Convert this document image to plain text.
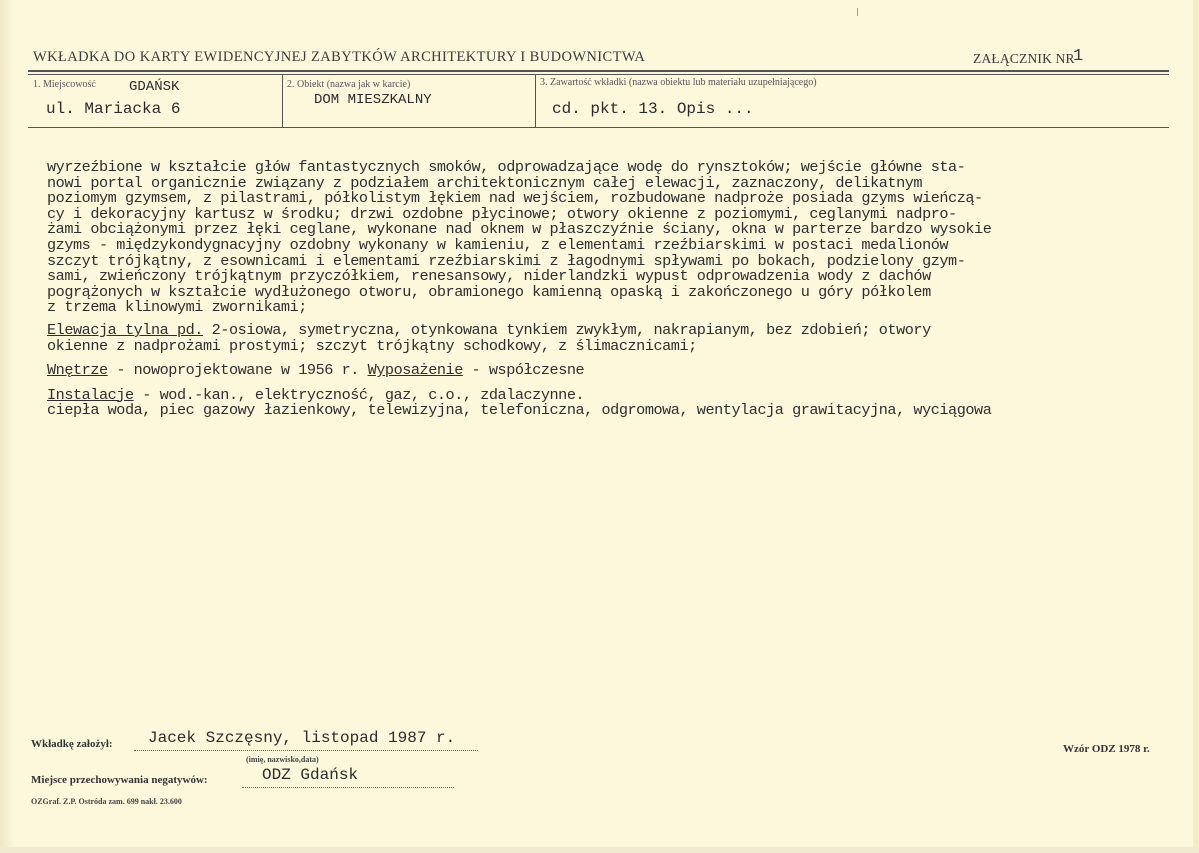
WKŁADKA DO KARTY EWIDENCYJNEJ ZABYTKÓW ARCHITEKTURY I BUDOWNICTWA	ZAŁĄCZNIK NR
1
1. Miejscowość GDAŃSK
ul. Mariacka 6
2. Obiekt (nazwa jak w karcie)
DOM MIESZKALNY
3. Zawartość wkładki (nazwa obiektu lub materiału uzupełniającego)
cd. pkt. 13. Opis ...
wyrzeźbione w kształcie głów fantastycznych smoków, odprowadzające wodę do rynsztoków; wejście główne sta-
nowi portal organicznie związany z podziałem architektonicznym całej elewacji, zaznaczony, delikatnym
poziomym gzymsem, z pilastrami, półkolistym łękiem nad wejściem, rozbudowane nadproże posiada gzyms wieńczą-
cy i dekoracyjny kartusz w środku; drzwi ozdobne płycinowe; otwory okienne z poziomymi, ceglanymi nadpro-
żami obciążonymi przez łęki ceglane, wykonane nad oknem w płaszczyźnie ściany, okna w parterze bardzo wysokie
gzyms - międzykondygnacyjny ozdobny wykonany w kamieniu, z elementami rzeźbiarskimi w postaci medalionów
szczyt trójkątny, z esownicami i elementami rzeźbiarskimi z łagodnymi spływami po bokach, podzielony gzym-
sami, zwieńczony trójkątnym przyczółkiem, renesansowy, niderlandzki wypust odprowadzenia wody z dachów
pogrążonych w kształcie wydłużonego otworu, obramionego kamienną opaską i zakończonego u góry półkolem
z trzema klinowymi zwornikami;
Elewacja tylna pd. 2-osiowa, symetryczna, otynkowana tynkiem zwykłym, nakrapianym, bez zdobień; otwory
okienne z nadprożami prostymi; szczyt trójkątny schodkowy, z ślimacznicami;
Wnętrze - nowoprojektowane w 1956 r. Wyposażenie - współczesne
Instalacje - wod.-kan., elektryczność, gaz, c.o., zdalaczynne.
ciepła woda, piec gazowy łazienkowy, telewizyjna, telefoniczna, odgromowa, wentylacja grawitacyjna, wyciągowa
Wkładkę założył: Jacek Szczęsny, listopad 1987 r.
(imię, nazwisko,data)
Miejsce przechowywania negatywów:	ODZ Gdańsk
Wzór ODZ 1978 r.
OZGraf. Z.P. Ostróda zam. 699 nakł. 23.600
